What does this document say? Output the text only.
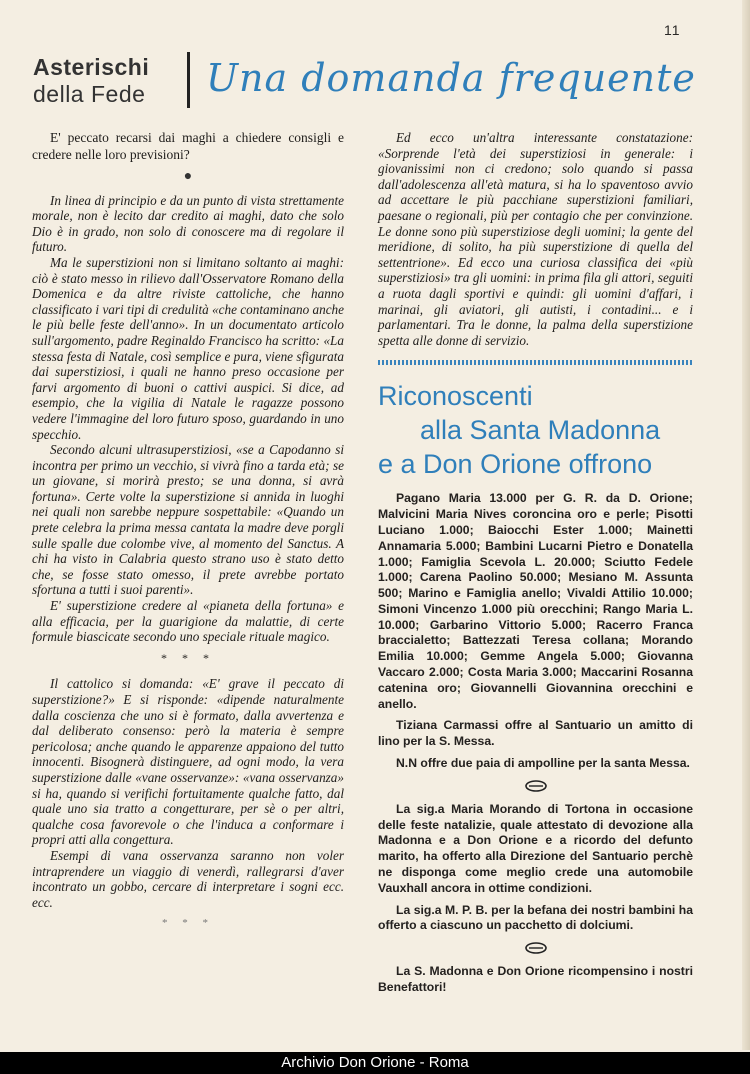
11
Asterischi
della Fede	Una domanda frequente

E' peccato recarsi dai maghi a chiedere consigli e credere nelle loro previsioni?

●

In linea di principio e da un punto di vista strettamente morale, non è lecito dar credito ai maghi, dato che solo Dio è in grado, non solo di conoscere ma di regolare il futuro.

Ma le superstizioni non si limitano soltanto ai maghi: ciò è stato messo in rilievo dall'Osservatore Romano della Domenica e da altre riviste cattoliche, che hanno classificato i vari tipi di credulità «che contaminano anche le più belle feste dell'anno». In un documentato articolo sull'argomento, padre Reginaldo Francisco ha scritto: «La stessa festa di Natale, così semplice e pura, viene sfigurata dai superstiziosi, i quali ne hanno preso occasione per farvi argomento di buoni o cattivi auspici. Si dice, ad esempio, che la vigilia di Natale le ragazze possono vedere l'immagine del loro futuro sposo, guardando in uno specchio.

Secondo alcuni ultrasuperstiziosi, «se a Capodanno si incontra per primo un vecchio, si vivrà fino a tarda età; se un giovane, si morirà presto; se una donna, si avrà fortuna». Certe volte la superstizione si annida in luoghi nei quali non sarebbe neppure sospettabile: «Quando un prete celebra la prima messa cantata la madre deve porgli sulle spalle due colombe vive, al momento del Sanctus. A chi ha visto in Calabria questo strano uso è stato detto che, se fosse stato omesso, il prete avrebbe portato sfortuna a tutti i suoi parenti».

E' superstizione credere al «pianeta della fortuna» e alla efficacia, per la guarigione da malattie, di certe formule biascicate secondo uno speciale rituale magico.

* * *

Il cattolico si domanda: «E' grave il peccato di superstizione?» E si risponde: «dipende naturalmente dalla coscienza che uno si è formato, dalla avvertenza e dal deliberato consenso: però la materia è sempre pericolosa; anche quando le apparenze appaiono del tutto innocenti. Bisognerà distinguere, ad ogni modo, la vera superstizione dalle «vane osservanze»: «vana osservanza» si ha, quando si verifichi fortuitamente qualche fatto, dal quale uno sia tratto a congetturare, per sè o per altri, qualche cosa favorevole o che l'induca a conformare i propri atti alla congettura.

Esempi di vana osservanza saranno non voler intraprendere un viaggio di venerdì, rallegrarsi d'aver incontrato un gobbo, cercare di interpretare i sogni ecc. ecc.

* * *

Ed ecco un'altra interessante constatazione: «Sorprende l'età dei superstiziosi in generale: i giovanissimi non ci credono; solo quando si passa dall'adolescenza all'età matura, si ha lo spaventoso avvio ad accettare le più pacchiane superstizioni familiari, paesane o regionali, più per contagio che per convinzione. Le donne sono più superstiziose degli uomini; la gente del meridione, di solito, ha più superstizione di quella del settentrione». Ed ecco una curiosa classifica dei «più superstiziosi» tra gli uomini: in prima fila gli attori, seguiti a ruota dagli sportivi e quindi: gli uomini d'affari, i marinai, gli aviatori, gli autisti, i contadini... e i parlamentari. Tra le donne, la palma della superstizione spetta alle donne di servizio.

Riconoscenti
alla Santa Madonna
e a Don Orione offrono

Pagano Maria 13.000 per G. R. da D. Orione; Malvicini Maria Nives coroncina oro e perle; Pisotti Luciano 1.000; Baiocchi Ester 1.000; Mainetti Annamaria 5.000; Bambini Lucarni Pietro e Donatella 1.000; Famiglia Scevola L. 20.000; Sciutto Fedele 1.000; Carena Paolino 50.000; Mesiano M. Assunta 500; Marino e Famiglia anello; Vivaldi Attilio 10.000; Simoni Vincenzo 1.000 più orecchini; Rango Maria L. 10.000; Garbarino Vittorio 5.000; Racerro Franca braccialetto; Battezzati Teresa collana; Morando Emilia 10.000; Gemme Angela 5.000; Giovanna Vaccaro 2.000; Costa Maria 3.000; Maccarini Rosanna catenina oro; Giovannelli Giovannina orecchini e anello.

Tiziana Carmassi offre al Santuario un amitto di lino per la S. Messa.

N.N offre due paia di ampolline per la santa Messa.

La sig.a Maria Morando di Tortona in occasione delle feste natalizie, quale attestato di devozione alla Madonna e a Don Orione e a ricordo del defunto marito, ha offerto alla Direzione del Santuario perchè ne disponga come meglio crede una automobile Vauxhall ancora in ottime condizioni.

La sig.a M. P. B. per la befana dei nostri bambini ha offerto a ciascuno un pacchetto di dolciumi.

La S. Madonna e Don Orione ricompensino i nostri Benefattori!

Archivio Don Orione - Roma
